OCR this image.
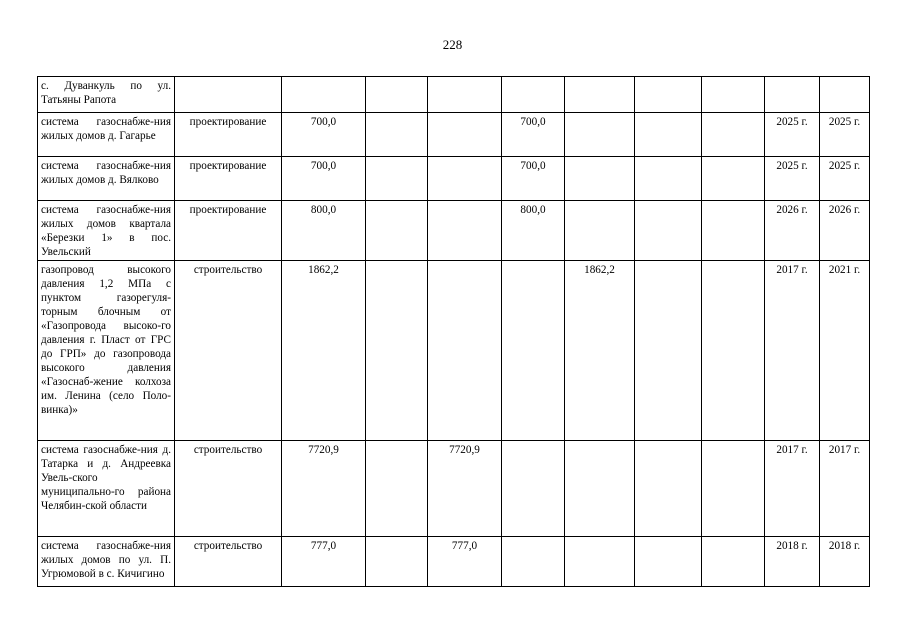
228
с. Дуванкуль по ул. Татьяны Рапота										
система газоснабже-ния жилых домов д. Гагарье	проектирование	700,0			700,0				2025 г.	2025 г.
система газоснабже-ния жилых домов д. Вялково	проектирование	700,0			700,0				2025 г.	2025 г.
система газоснабже-ния жилых домов квартала «Березки 1» в пос. Увельский	проектирование	800,0			800,0				2026 г.	2026 г.
газопровод высокого давления 1,2 МПа с пунктом газорегуля-торным блочным от «Газопровода высоко-го давления г. Пласт от ГРС до ГРП» до газопровода высокого давления «Газоснаб-жение колхоза им. Ленина (село Поло-винка)»	строительство	1862,2				1862,2			2017 г.	2021 г.
система газоснабже-ния д. Татарка и д. Андреевка Увель-ского муниципально-го района Челябин-ской области	строительство	7720,9		7720,9					2017 г.	2017 г.
система газоснабже-ния жилых домов по ул. П. Угрюмовой в с. Кичигино	строительство	777,0		777,0					2018 г.	2018 г.
